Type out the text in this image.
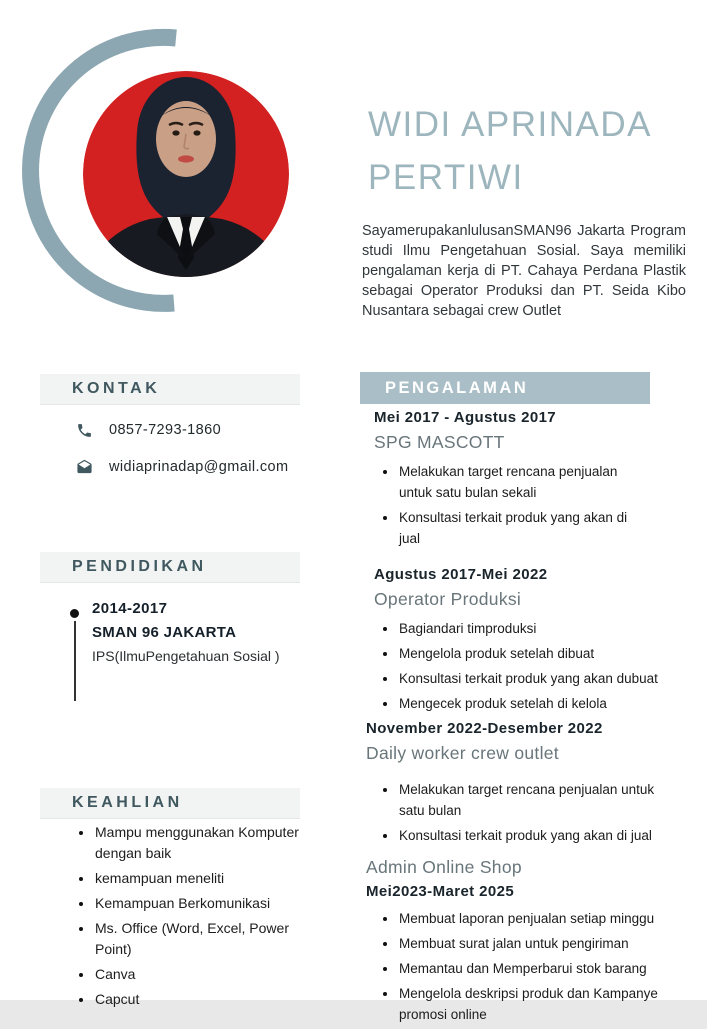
WIDI APRINADA
PERTIWI
SayamerupakanlulusanSMAN96 Jakarta Program studi Ilmu Pengetahuan Sosial. Saya memiliki pengalaman kerja di PT. Cahaya Perdana Plastik sebagai Operator Produksi dan PT. Seida Kibo Nusantara sebagai crew Outlet
KONTAK
0857-7293-1860
widiaprinadap@gmail.com
PENDIDIKAN
2014-2017
SMAN 96 JAKARTA
IPS(IlmuPengetahuan Sosial )
KEAHLIAN
Mampu menggunakan Komputer dengan baik
kemampuan meneliti
Kemampuan Berkomunikasi
Ms. Office (Word, Excel, Power Point)
Canva
Capcut
PENGALAMAN
Mei 2017 - Agustus 2017
SPG MASCOTT
Melakukan target rencana penjualan untuk satu bulan sekali
Konsultasi terkait produk yang akan di jual
Agustus 2017-Mei 2022
Operator Produksi
Bagiandari timproduksi
Mengelola produk setelah dibuat
Konsultasi terkait produk yang akan dubuat
Mengecek produk setelah di kelola
November 2022-Desember 2022
Daily worker crew outlet
Melakukan target rencana penjualan untuk satu bulan
Konsultasi terkait produk yang akan di jual
Admin Online Shop
Mei2023-Maret 2025
Membuat laporan penjualan setiap minggu
Membuat surat jalan untuk pengiriman
Memantau dan Memperbarui stok barang
Mengelola deskripsi produk dan Kampanye promosi online
